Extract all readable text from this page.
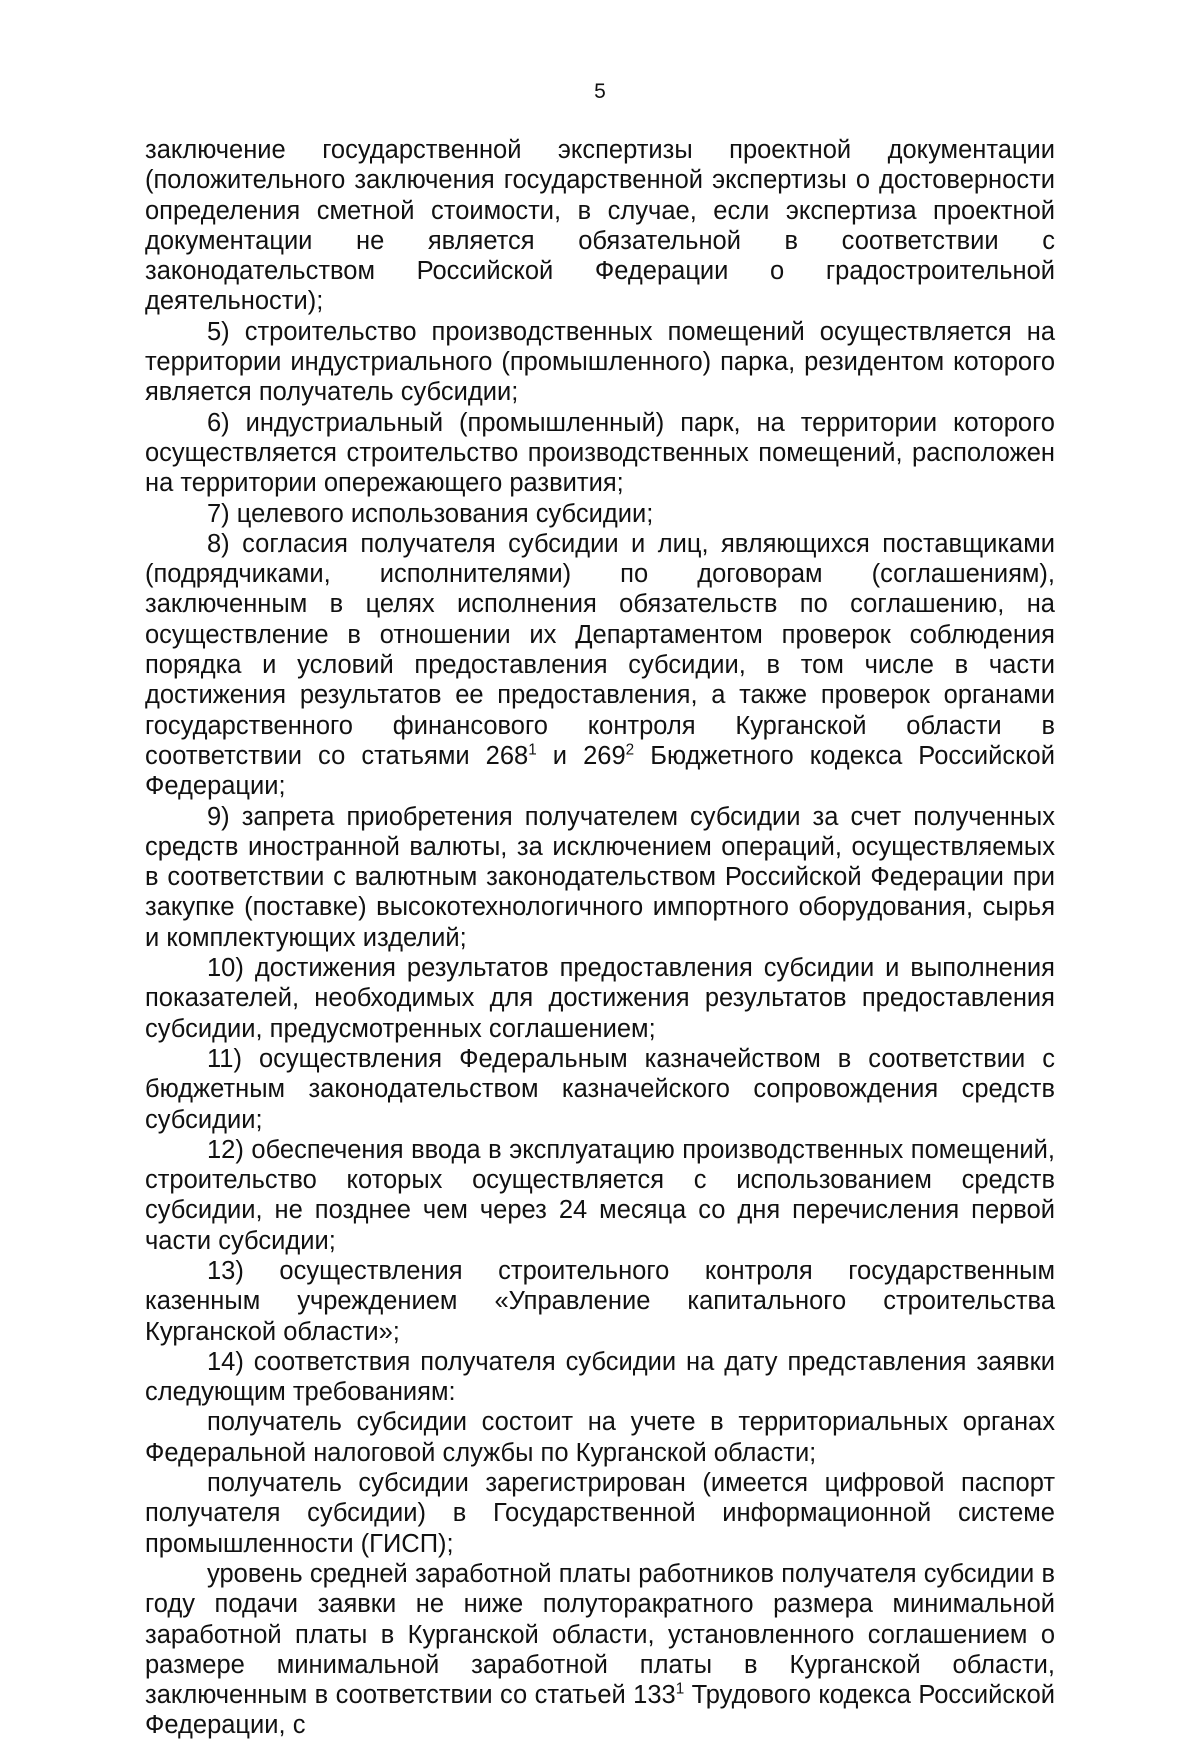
5

заключение государственной экспертизы проектной документации (положительного заключения государственной экспертизы о достоверности определения сметной стоимости, в случае, если экспертиза проектной документации не является обязательной в соответствии с законодательством Российской Федерации о градостроительной деятельности);

5) строительство производственных помещений осуществляется на территории индустриального (промышленного) парка, резидентом которого является получатель субсидии;

6) индустриальный (промышленный) парк, на территории которого осуществляется строительство производственных помещений, расположен на территории опережающего развития;

7) целевого использования субсидии;

8) согласия получателя субсидии и лиц, являющихся поставщиками (подрядчиками, исполнителями) по договорам (соглашениям), заключенным в целях исполнения обязательств по соглашению, на осуществление в отношении их Департаментом проверок соблюдения порядка и условий предоставления субсидии, в том числе в части достижения результатов ее предоставления, а также проверок органами государственного финансового контроля Курганской области в соответствии со статьями $268^1$ и $269^2$ Бюджетного кодекса Российской Федерации;

9) запрета приобретения получателем субсидии за счет полученных средств иностранной валюты, за исключением операций, осуществляемых в соответствии с валютным законодательством Российской Федерации при закупке (поставке) высокотехнологичного импортного оборудования, сырья и комплектующих изделий;

10) достижения результатов предоставления субсидии и выполнения показателей, необходимых для достижения результатов предоставления субсидии, предусмотренных соглашением;

11) осуществления Федеральным казначейством в соответствии с бюджетным законодательством казначейского сопровождения средств субсидии;

12) обеспечения ввода в эксплуатацию производственных помещений, строительство которых осуществляется с использованием средств субсидии, не позднее чем через 24 месяца со дня перечисления первой части субсидии;

13) осуществления строительного контроля государственным казенным учреждением «Управление капитального строительства Курганской области»;

14) соответствия получателя субсидии на дату представления заявки следующим требованиям:

получатель субсидии состоит на учете в территориальных органах Федеральной налоговой службы по Курганской области;

получатель субсидии зарегистрирован (имеется цифровой паспорт получателя субсидии) в Государственной информационной системе промышленности (ГИСП);

уровень средней заработной платы работников получателя субсидии в году подачи заявки не ниже полуторакратного размера минимальной заработной платы в Курганской области, установленного соглашением о размере минимальной заработной платы в Курганской области, заключенным в соответствии со статьей $133^1$ Трудового кодекса Российской Федерации, с
